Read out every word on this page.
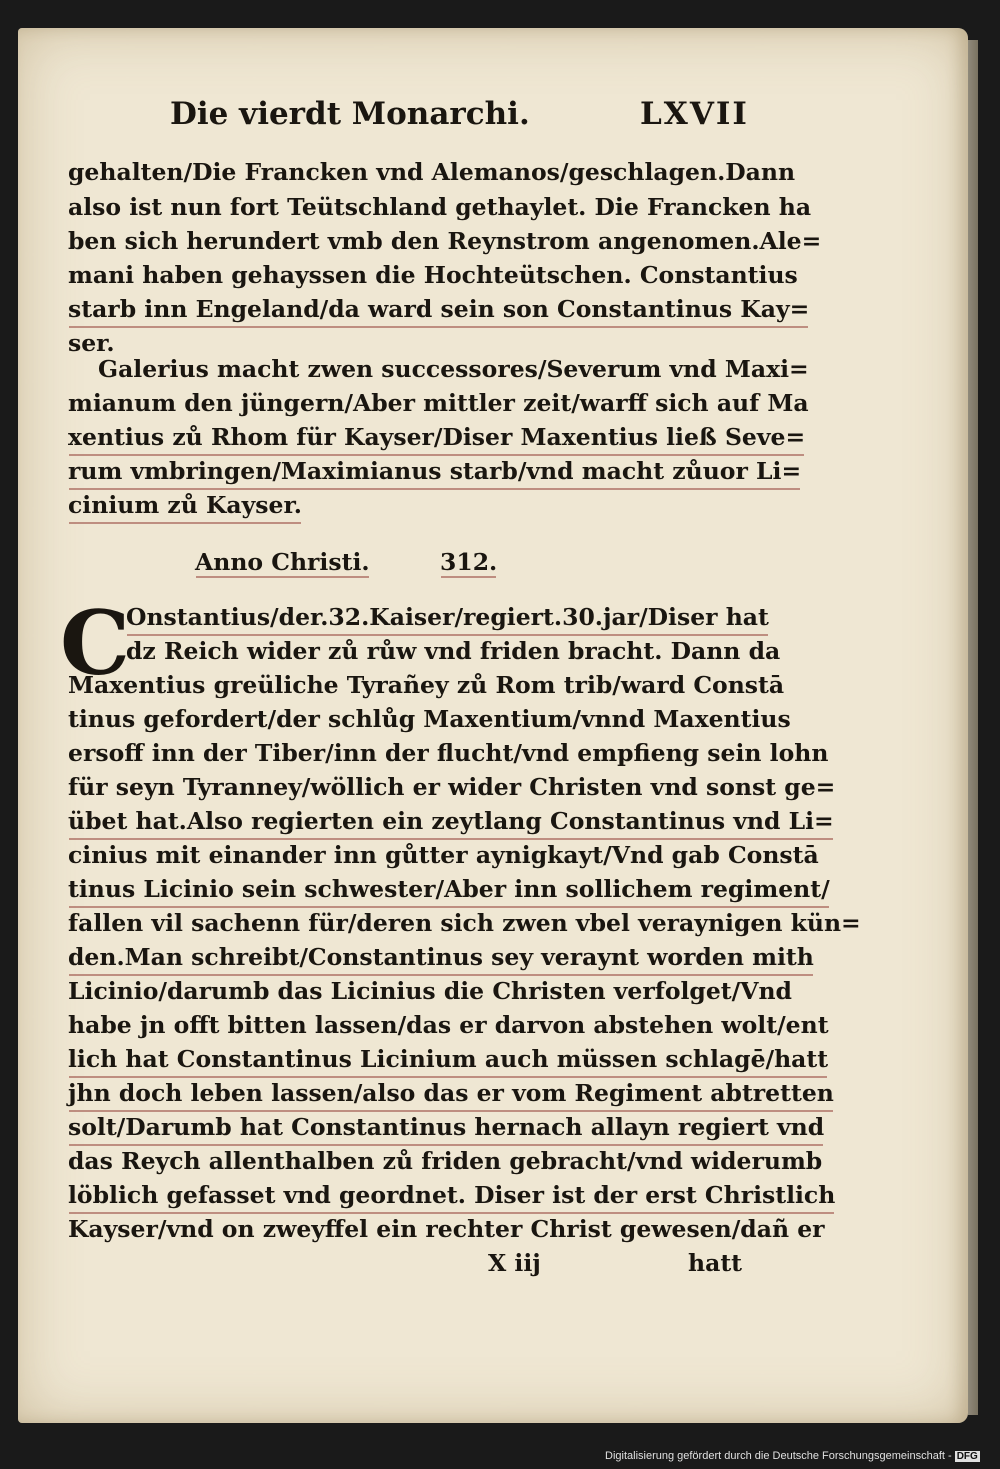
Die vierdt Monarchi.	LXVII
gehalten/Die Francken vnd Alemanos/geschlagen.Dann
also ist nun fort Teütschland gethaylet. Die Francken ha
ben sich herundert vmb den Reynstrom angenomen.Ale=
mani haben gehayssen die Hochteütschen. Constantius
starb inn Engeland/da ward sein son Constantinus Kay=
ser.
Galerius macht zwen successores/Severum vnd Maxi=
mianum den jüngern/Aber mittler zeit/warff sich auf Ma
xentius zů Rhom für Kayser/Diser Maxentius ließ Seve=
rum vmbringen/Maximianus starb/vnd macht zůuor Li=
cinium zů Kayser.
Anno Christi.	312.
C
Onstantius/der.32.Kaiser/regiert.30.jar/Diser hat
dz Reich wider zů růw vnd friden bracht. Dann da
Maxentius greüliche Tyrañey zů Rom trib/ward Constā
tinus gefordert/der schlůg Maxentium/vnnd Maxentius
ersoff inn der Tiber/inn der flucht/vnd empfieng sein lohn
für seyn Tyranney/wöllich er wider Christen vnd sonst ge=
übet hat.Also regierten ein zeytlang Constantinus vnd Li=
cinius mit einander inn gůtter aynigkayt/Vnd gab Constā
tinus Licinio sein schwester/Aber inn sollichem regiment/
fallen vil sachenn für/deren sich zwen vbel veraynigen kün=
den.Man schreibt/Constantinus sey veraynt worden mith
Licinio/darumb das Licinius die Christen verfolget/Vnd
habe jn offt bitten lassen/das er darvon abstehen wolt/ent
lich hat Constantinus Licinium auch müssen schlagē/hatt
jhn doch leben lassen/also das er vom Regiment abtretten
solt/Darumb hat Constantinus hernach allayn regiert vnd
das Reych allenthalben zů friden gebracht/vnd widerumb
löblich gefasset vnd geordnet. Diser ist der erst Christlich
Kayser/vnd on zweyffel ein rechter Christ gewesen/dañ er
X iij	hatt
Digitalisierung gefördert durch die Deutsche Forschungsgemeinschaft - DFG
